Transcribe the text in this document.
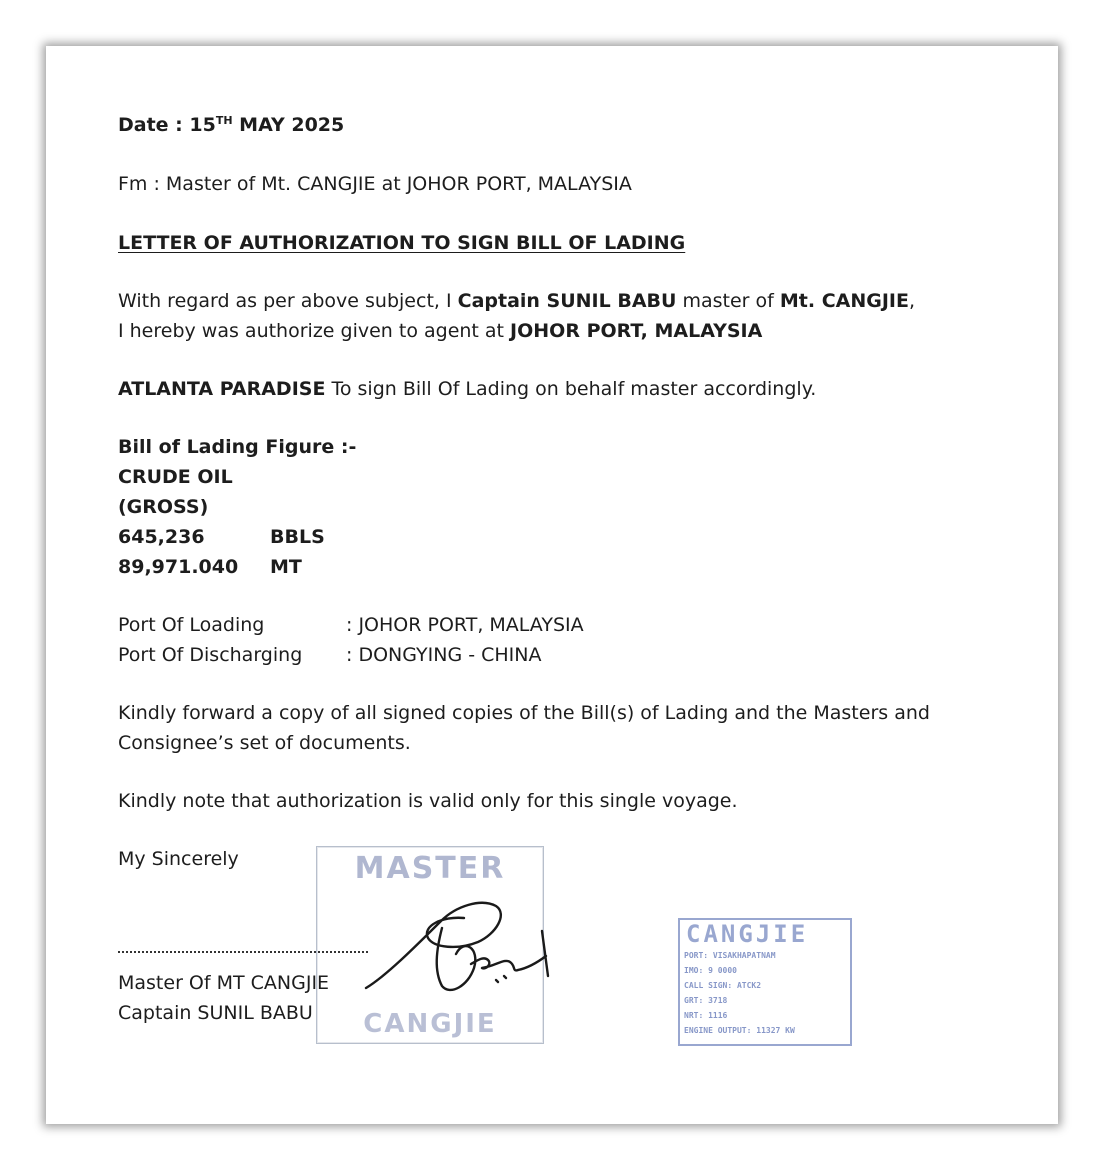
Date : 15TH MAY 2025
Fm : Master of Mt. CANGJIE at JOHOR PORT, MALAYSIA
LETTER OF AUTHORIZATION TO SIGN BILL OF LADING
With regard as per above subject, I Captain SUNIL BABU master of Mt. CANGJIE,
I hereby was authorize given to agent at JOHOR PORT, MALAYSIA
ATLANTA PARADISE To sign Bill Of Lading on behalf master accordingly.
Bill of Lading Figure :-
CRUDE OIL
(GROSS)
645,236	BBLS
89,971.040	MT
Port Of Loading	: JOHOR PORT, MALAYSIA
Port Of Discharging	: DONGYING - CHINA
Kindly forward a copy of all signed copies of the Bill(s) of Lading and the Masters and Consignee’s set of documents.
Kindly note that authorization is valid only for this single voyage.
My Sincerely	MASTER
CANGJIE
Master Of MT CANGJIE
Captain SUNIL BABU
CANGJIE
PORT: VISAKHAPATNAM
IMO: 9 0000
CALL SIGN: ATCK2
GRT: 3718
NRT: 1116
ENGINE OUTPUT: 11327 KW
